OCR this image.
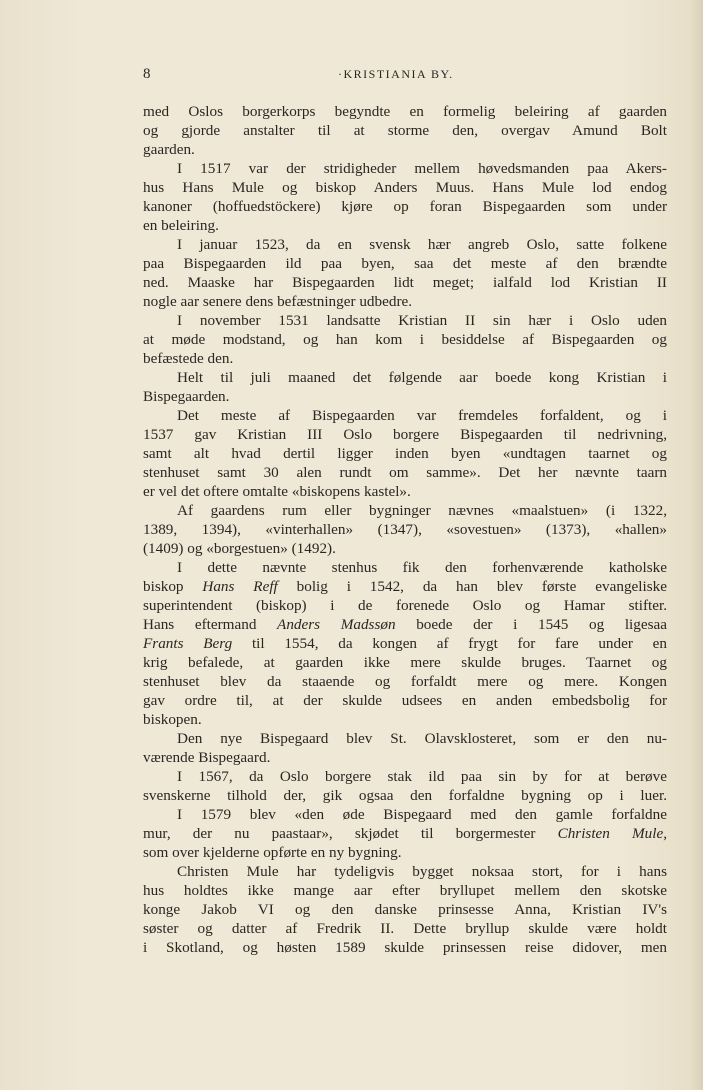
8	·KRISTIANIA BY.
med Oslos borgerkorps begyndte en formelig beleiring af gaarden
og gjorde anstalter til at storme den, overgav Amund Bolt
gaarden.
I 1517 var der stridigheder mellem høvedsmanden paa Akers-
hus Hans Mule og biskop Anders Muus. Hans Mule lod endog
kanoner (hoffuedstöckere) kjøre op foran Bispegaarden som under
en beleiring.
I januar 1523, da en svensk hær angreb Oslo, satte folkene
paa Bispegaarden ild paa byen, saa det meste af den brændte
ned. Maaske har Bispegaarden lidt meget; ialfald lod Kristian II
nogle aar senere dens befæstninger udbedre.
I november 1531 landsatte Kristian II sin hær i Oslo uden
at møde modstand, og han kom i besiddelse af Bispegaarden og
befæstede den.
Helt til juli maaned det følgende aar boede kong Kristian i
Bispegaarden.
Det meste af Bispegaarden var fremdeles forfaldent, og i
1537 gav Kristian III Oslo borgere Bispegaarden til nedrivning,
samt alt hvad dertil ligger inden byen «undtagen taarnet og
stenhuset samt 30 alen rundt om samme». Det her nævnte taarn
er vel det oftere omtalte «biskopens kastel».
Af gaardens rum eller bygninger nævnes «maalstuen» (i 1322,
1389, 1394), «vinterhallen» (1347), «sovestuen» (1373), «hallen»
(1409) og «borgestuen» (1492).
I dette nævnte stenhus fik den forhenværende katholske
biskop Hans Reff bolig i 1542, da han blev første evangeliske
superintendent (biskop) i de forenede Oslo og Hamar stifter.
Hans eftermand Anders Madssøn boede der i 1545 og ligesaa
Frants Berg til 1554, da kongen af frygt for fare under en
krig befalede, at gaarden ikke mere skulde bruges. Taarnet og
stenhuset blev da staaende og forfaldt mere og mere. Kongen
gav ordre til, at der skulde udsees en anden embedsbolig for
biskopen.
Den nye Bispegaard blev St. Olavsklosteret, som er den nu-
værende Bispegaard.
I 1567, da Oslo borgere stak ild paa sin by for at berøve
svenskerne tilhold der, gik ogsaa den forfaldne bygning op i luer.
I 1579 blev «den øde Bispegaard med den gamle forfaldne
mur, der nu paastaar», skjødet til borgermester Christen Mule,
som over kjelderne opførte en ny bygning.
Christen Mule har tydeligvis bygget noksaa stort, for i hans
hus holdtes ikke mange aar efter bryllupet mellem den skotske
konge Jakob VI og den danske prinsesse Anna, Kristian IV's
søster og datter af Fredrik II. Dette bryllup skulde være holdt
i Skotland, og høsten 1589 skulde prinsessen reise didover, men
